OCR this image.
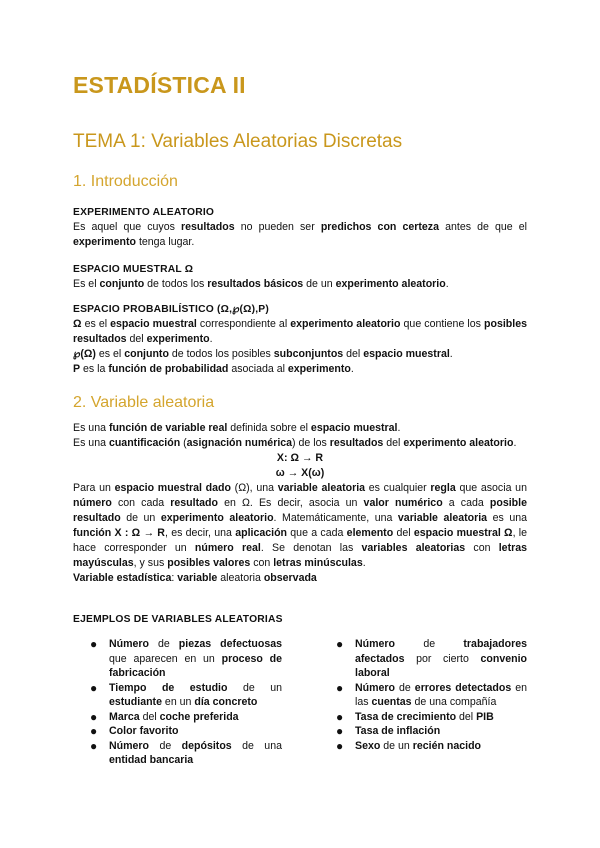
ESTADÍSTICA II
TEMA 1: Variables Aleatorias Discretas
1. Introducción
EXPERIMENTO ALEATORIO
Es aquel que cuyos resultados no pueden ser predichos con certeza antes de que el experimento tenga lugar.
ESPACIO MUESTRAL Ω
Es el conjunto de todos los resultados básicos de un experimento aleatorio.
ESPACIO PROBABILÍSTICO (Ω,℘(Ω),P)
Ω es el espacio muestral correspondiente al experimento aleatorio que contiene los posibles resultados del experimento.
℘(Ω) es el conjunto de todos los posibles subconjuntos del espacio muestral.
P es la función de probabilidad asociada al experimento.
2. Variable aleatoria
Es una función de variable real definida sobre el espacio muestral.
Es una cuantificación (asignación numérica) de los resultados del experimento aleatorio.
X: Ω → R
ω → X(ω)
Para un espacio muestral dado (Ω), una variable aleatoria es cualquier regla que asocia un número con cada resultado en Ω. Es decir, asocia un valor numérico a cada posible resultado de un experimento aleatorio. Matemáticamente, una variable aleatoria es una función X : Ω → R, es decir, una aplicación que a cada elemento del espacio muestral Ω, le hace corresponder un número real. Se denotan las variables aleatorias con letras mayúsculas, y sus posibles valores con letras minúsculas.
Variable estadística: variable aleatoria observada
EJEMPLOS DE VARIABLES ALEATORIAS
● Número de piezas defectuosas que aparecen en un proceso de fabricación
● Tiempo de estudio de un estudiante en un día concreto
● Marca del coche preferida
● Color favorito
● Número de depósitos de una entidad bancaria
● Número de trabajadores afectados por cierto convenio laboral
● Número de errores detectados en las cuentas de una compañía
● Tasa de crecimiento del PIB
● Tasa de inflación
● Sexo de un recién nacido
